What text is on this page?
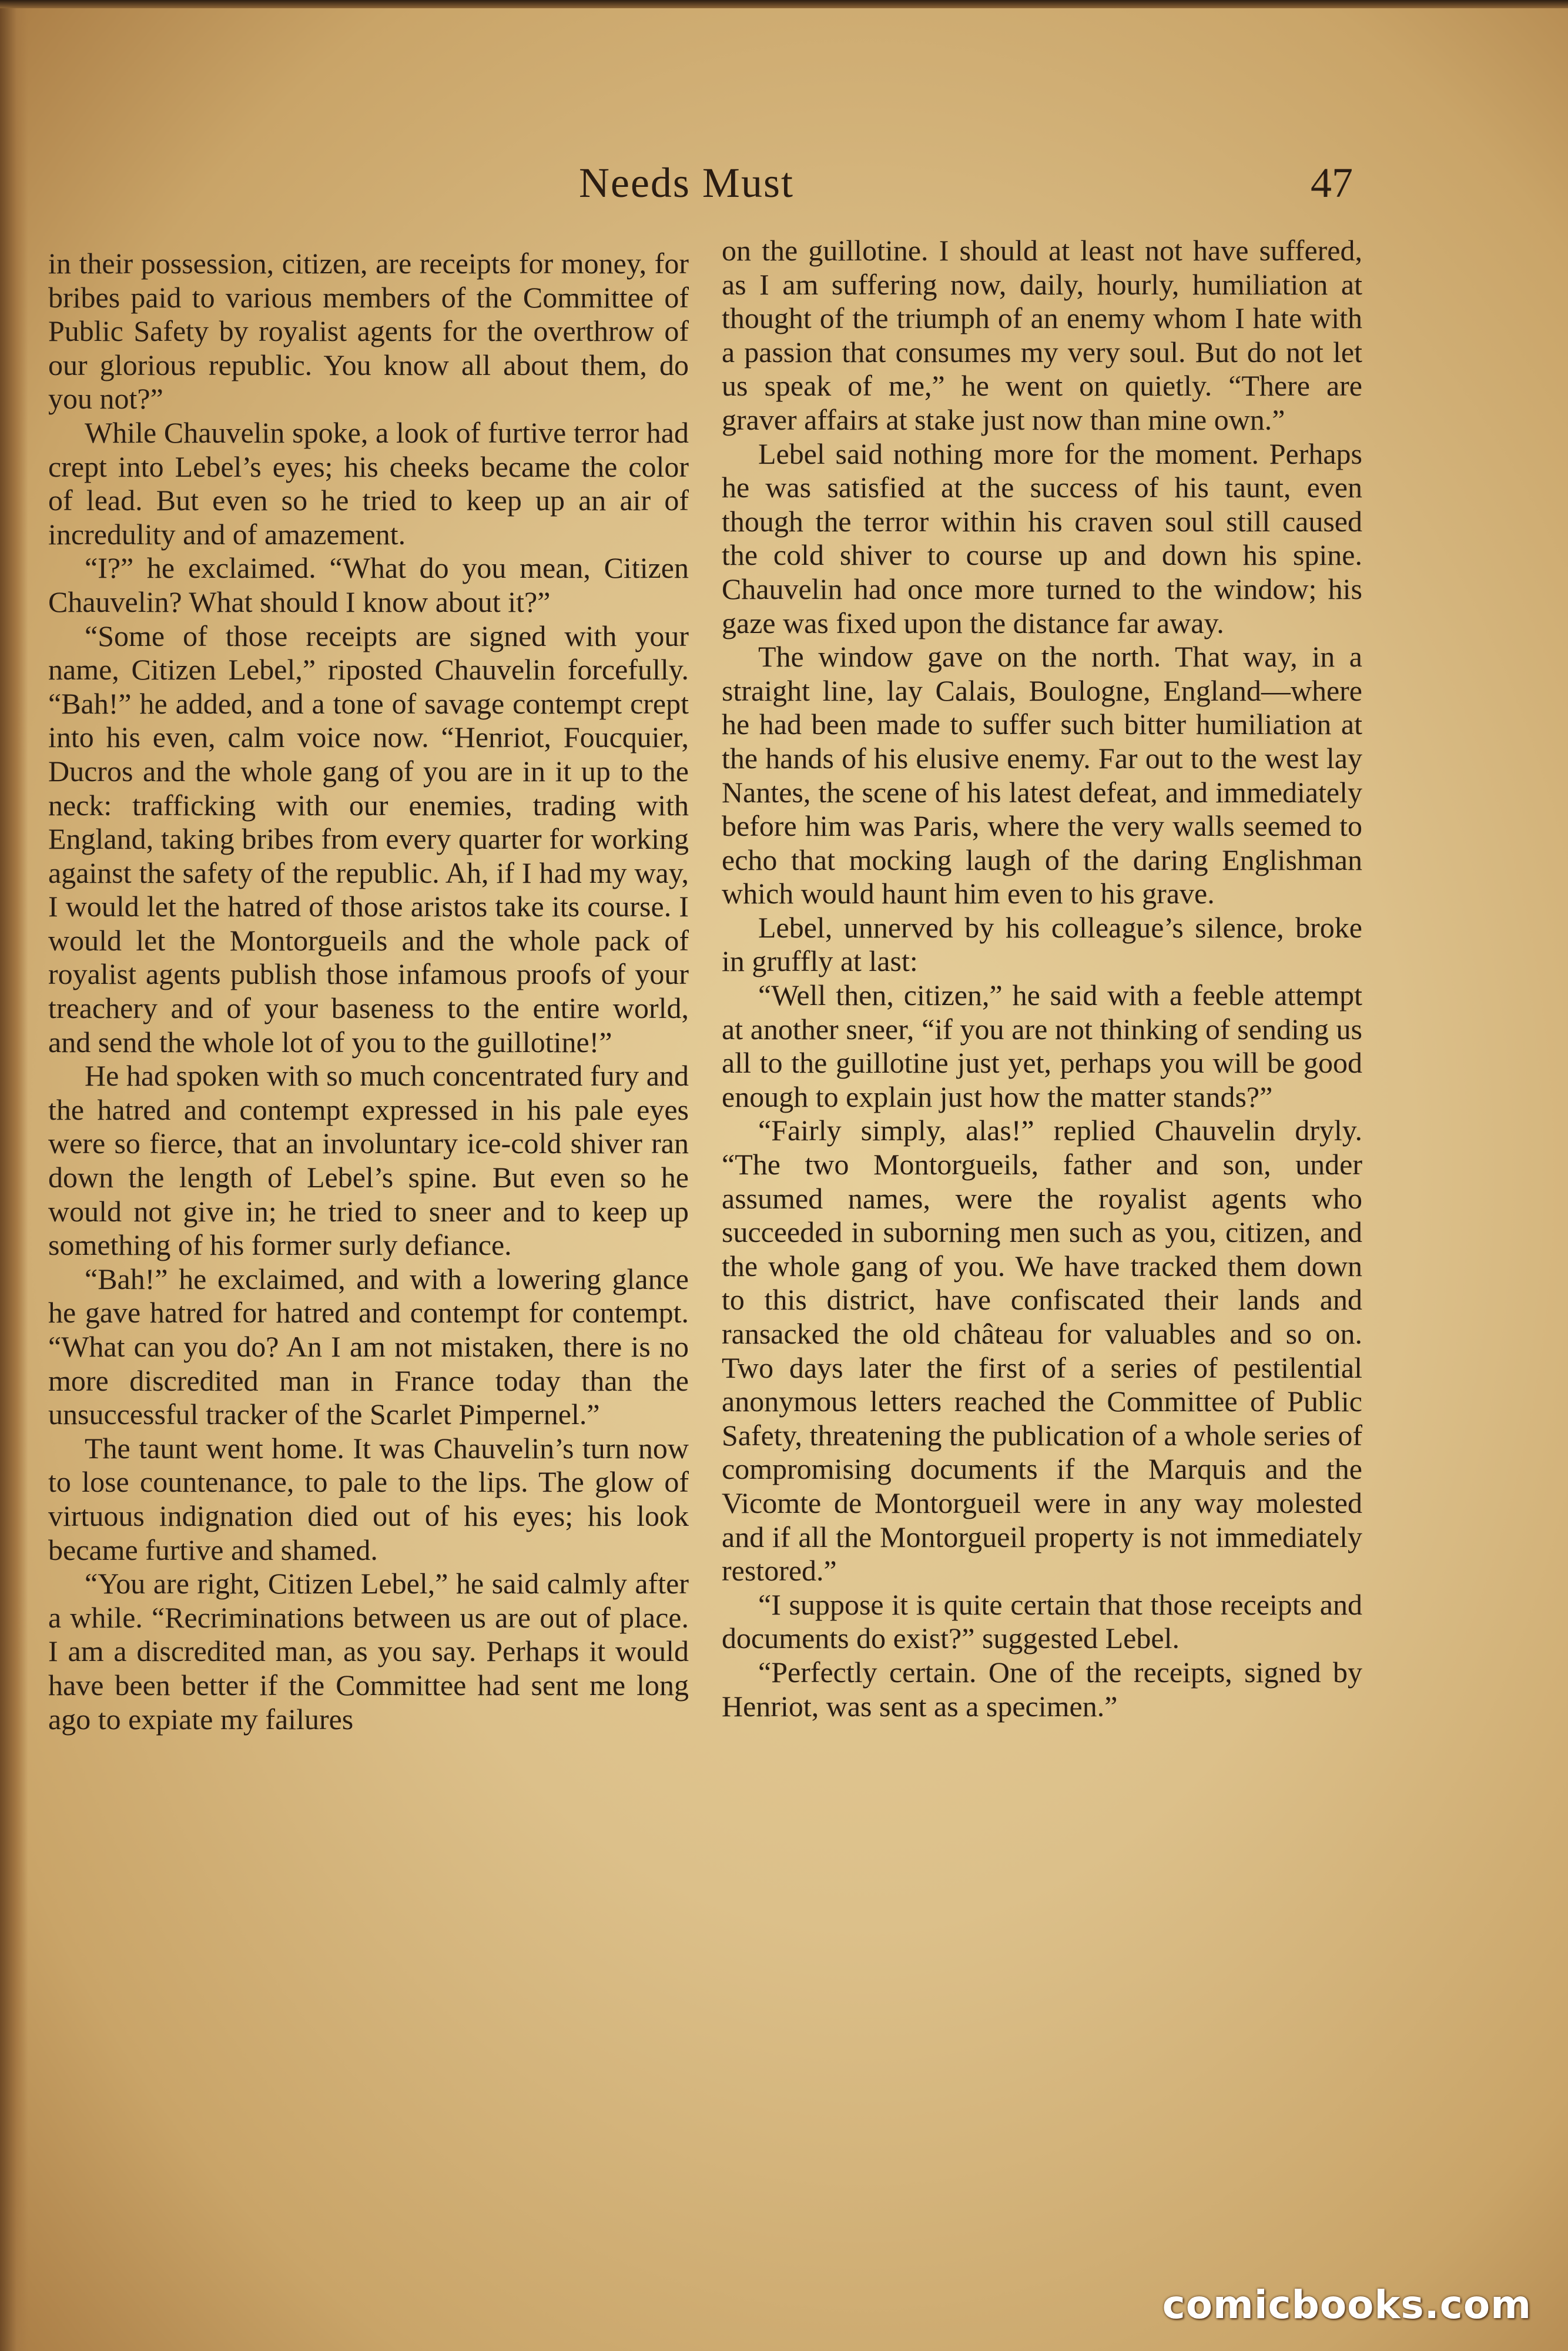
Needs Must	47

in their possession, citizen, are receipts for money, for bribes paid to various members of the Committee of Public Safety by royalist agents for the overthrow of our glorious republic. You know all about them, do you not?”

While Chauvelin spoke, a look of furtive terror had crept into Lebel’s eyes; his cheeks became the color of lead. But even so he tried to keep up an air of incredulity and of amazement.

“I?” he exclaimed. “What do you mean, Citizen Chauvelin? What should I know about it?”

“Some of those receipts are signed with your name, Citizen Lebel,” riposted Chauvelin forcefully. “Bah!” he added, and a tone of savage contempt crept into his even, calm voice now. “Henriot, Foucquier, Ducros and the whole gang of you are in it up to the neck: trafficking with our enemies, trading with England, taking bribes from every quarter for working against the safety of the republic. Ah, if I had my way, I would let the hatred of those aristos take its course. I would let the Montorgueils and the whole pack of royalist agents publish those infamous proofs of your treachery and of your baseness to the entire world, and send the whole lot of you to the guillotine!”

He had spoken with so much concentrated fury and the hatred and contempt expressed in his pale eyes were so fierce, that an involuntary ice-cold shiver ran down the length of Lebel’s spine. But even so he would not give in; he tried to sneer and to keep up something of his former surly defiance.

“Bah!” he exclaimed, and with a lowering glance he gave hatred for hatred and contempt for contempt. “What can you do? An I am not mistaken, there is no more discredited man in France today than the unsuccessful tracker of the Scarlet Pimpernel.”

The taunt went home. It was Chauvelin’s turn now to lose countenance, to pale to the lips. The glow of virtuous indignation died out of his eyes; his look became furtive and shamed.

“You are right, Citizen Lebel,” he said calmly after a while. “Recriminations between us are out of place. I am a discredited man, as you say. Perhaps it would have been better if the Committee had sent me long ago to expiate my failures

on the guillotine. I should at least not have suffered, as I am suffering now, daily, hourly, humiliation at thought of the triumph of an enemy whom I hate with a passion that consumes my very soul. But do not let us speak of me,” he went on quietly. “There are graver affairs at stake just now than mine own.”

Lebel said nothing more for the moment. Perhaps he was satisfied at the success of his taunt, even though the terror within his craven soul still caused the cold shiver to course up and down his spine. Chauvelin had once more turned to the window; his gaze was fixed upon the distance far away.

The window gave on the north. That way, in a straight line, lay Calais, Boulogne, England—where he had been made to suffer such bitter humiliation at the hands of his elusive enemy. Far out to the west lay Nantes, the scene of his latest defeat, and immediately before him was Paris, where the very walls seemed to echo that mocking laugh of the daring Englishman which would haunt him even to his grave.

Lebel, unnerved by his colleague’s silence, broke in gruffly at last:

“Well then, citizen,” he said with a feeble attempt at another sneer, “if you are not thinking of sending us all to the guillotine just yet, perhaps you will be good enough to explain just how the matter stands?”

“Fairly simply, alas!” replied Chauvelin dryly. “The two Montorgueils, father and son, under assumed names, were the royalist agents who succeeded in suborning men such as you, citizen, and the whole gang of you. We have tracked them down to this district, have confiscated their lands and ransacked the old château for valuables and so on. Two days later the first of a series of pestilential anonymous letters reached the Committee of Public Safety, threatening the publication of a whole series of compromising documents if the Marquis and the Vicomte de Montorgueil were in any way molested and if all the Montorgueil property is not immediately restored.”

“I suppose it is quite certain that those receipts and documents do exist?” suggested Lebel.

“Perfectly certain. One of the receipts, signed by Henriot, was sent as a specimen.”

comicbooks.com
